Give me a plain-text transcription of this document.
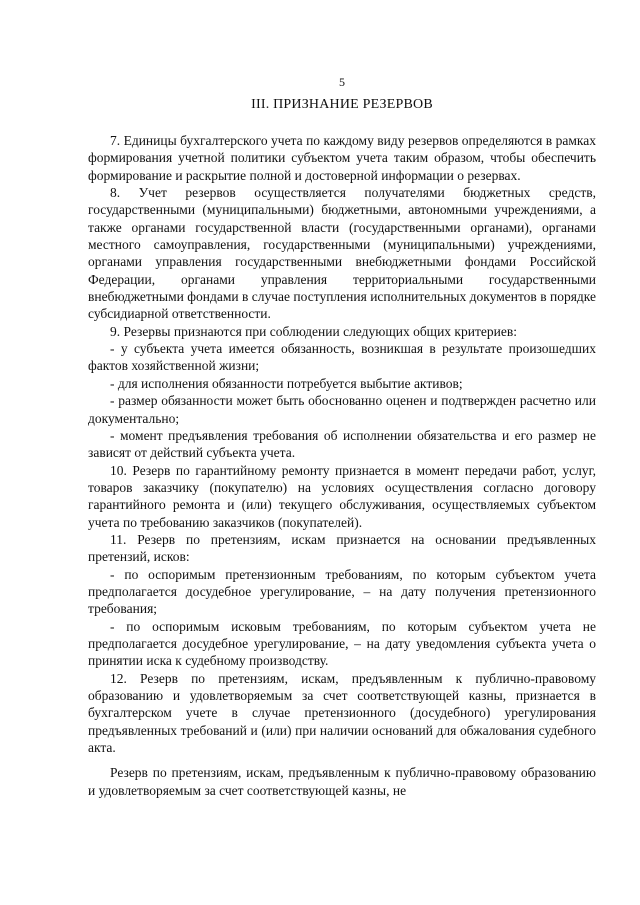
5
III. ПРИЗНАНИЕ РЕЗЕРВОВ

7. Единицы бухгалтерского учета по каждому виду резервов определяются в рамках формирования учетной политики субъектом учета таким образом, чтобы обеспечить формирование и раскрытие полной и достоверной информации о резервах.

8. Учет резервов осуществляется получателями бюджетных средств, государственными (муниципальными) бюджетными, автономными учреждениями, а также органами государственной власти (государственными органами), органами местного самоуправления, государственными (муниципальными) учреждениями, органами управления государственными внебюджетными фондами Российской Федерации, органами управления территориальными государственными внебюджетными фондами в случае поступления исполнительных документов в порядке субсидиарной ответственности.

9. Резервы признаются при соблюдении следующих общих критериев:

- у субъекта учета имеется обязанность, возникшая в результате произошедших фактов хозяйственной жизни;

- для исполнения обязанности потребуется выбытие активов;

- размер обязанности может быть обоснованно оценен и подтвержден расчетно или документально;

- момент предъявления требования об исполнении обязательства и его размер не зависят от действий субъекта учета.

10. Резерв по гарантийному ремонту признается в момент передачи работ, услуг, товаров заказчику (покупателю) на условиях осуществления согласно договору гарантийного ремонта и (или) текущего обслуживания, осуществляемых субъектом учета по требованию заказчиков (покупателей).

11. Резерв по претензиям, искам признается на основании предъявленных претензий, исков:

- по оспоримым претензионным требованиям, по которым субъектом учета предполагается досудебное урегулирование, – на дату получения претензионного требования;

- по оспоримым исковым требованиям, по которым субъектом учета не предполагается досудебное урегулирование, – на дату уведомления субъекта учета о принятии иска к судебному производству.

12. Резерв по претензиям, искам, предъявленным к публично-правовому образованию и удовлетворяемым за счет соответствующей казны, признается в бухгалтерском учете в случае претензионного (досудебного) урегулирования предъявленных требований и (или) при наличии оснований для обжалования судебного акта.

Резерв по претензиям, искам, предъявленным к публично-правовому образованию и удовлетворяемым за счет соответствующей казны, не
